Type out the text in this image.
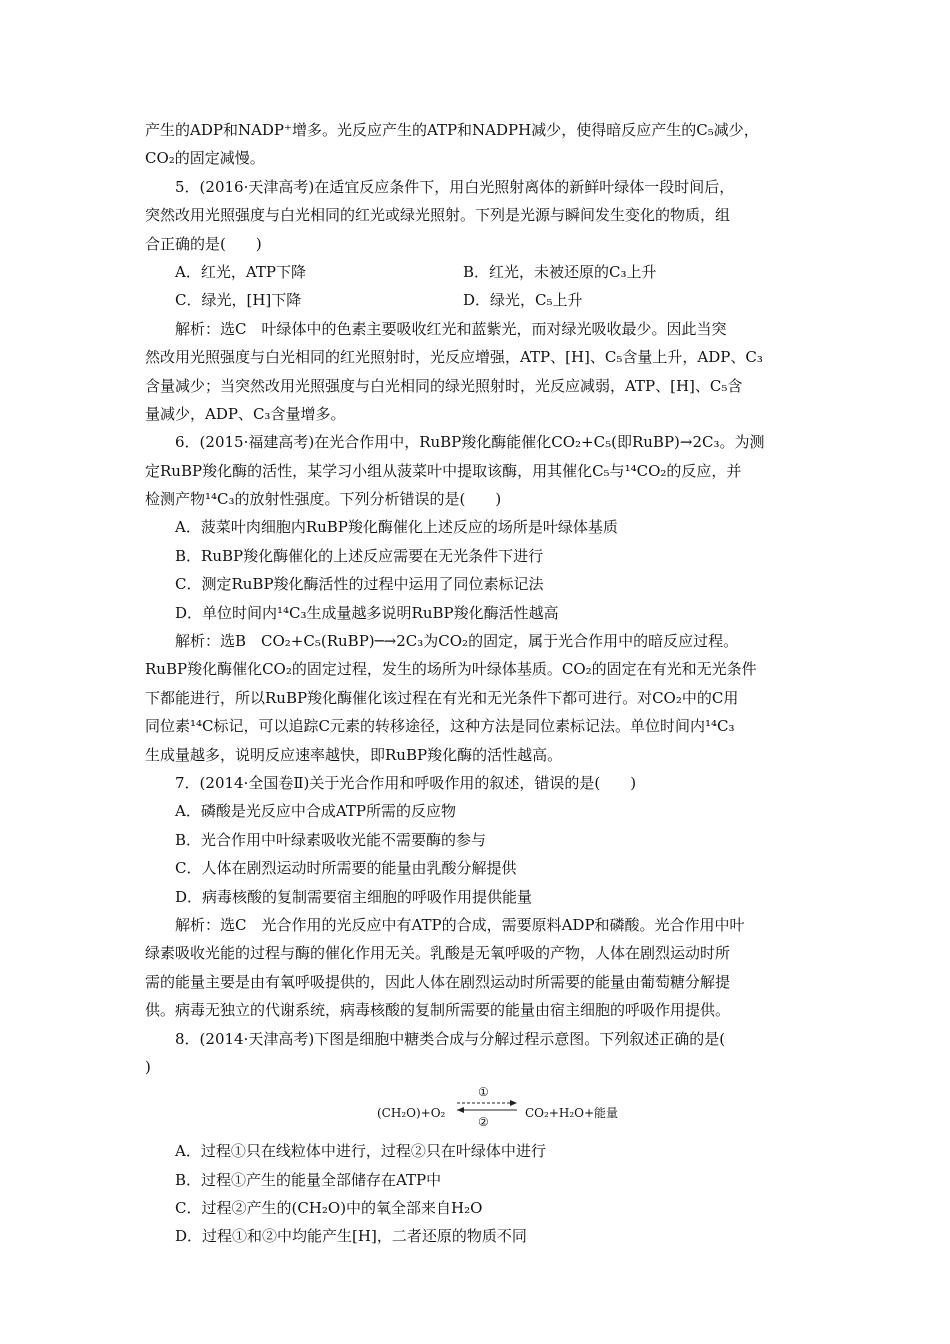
产生的ADP和NADP⁺增多。光反应产生的ATP和NADPH减少，使得暗反应产生的C₅减少，
CO₂的固定减慢。
5．(2016·天津高考)在适宜反应条件下，用白光照射离体的新鲜叶绿体一段时间后，
突然改用光照强度与白光相同的红光或绿光照射。下列是光源与瞬间发生变化的物质，组
合正确的是(　　)
A．红光，ATP下降	B．红光，未被还原的C₃上升
C．绿光，[H]下降	D．绿光，C₅上升
解析：选C　叶绿体中的色素主要吸收红光和蓝紫光，而对绿光吸收最少。因此当突
然改用光照强度与白光相同的红光照射时，光反应增强，ATP、[H]、C₅含量上升，ADP、C₃
含量减少；当突然改用光照强度与白光相同的绿光照射时，光反应减弱，ATP、[H]、C₅含
量减少，ADP、C₃含量增多。
6．(2015·福建高考)在光合作用中，RuBP羧化酶能催化CO₂+C₅(即RuBP)→2C₃。为测
定RuBP羧化酶的活性，某学习小组从菠菜叶中提取该酶，用其催化C₅与¹⁴CO₂的反应，并
检测产物¹⁴C₃的放射性强度。下列分析错误的是(　　)
A．菠菜叶肉细胞内RuBP羧化酶催化上述反应的场所是叶绿体基质
B．RuBP羧化酶催化的上述反应需要在无光条件下进行
C．测定RuBP羧化酶活性的过程中运用了同位素标记法
D．单位时间内¹⁴C₃生成量越多说明RuBP羧化酶活性越高
解析：选B　CO₂+C₅(RuBP)─→2C₃为CO₂的固定，属于光合作用中的暗反应过程。
RuBP羧化酶催化CO₂的固定过程，发生的场所为叶绿体基质。CO₂的固定在有光和无光条件
下都能进行，所以RuBP羧化酶催化该过程在有光和无光条件下都可进行。对CO₂中的C用
同位素¹⁴C标记，可以追踪C元素的转移途径，这种方法是同位素标记法。单位时间内¹⁴C₃
生成量越多，说明反应速率越快，即RuBP羧化酶的活性越高。
7．(2014·全国卷Ⅱ)关于光合作用和呼吸作用的叙述，错误的是(　　)
A．磷酸是光反应中合成ATP所需的反应物
B．光合作用中叶绿素吸收光能不需要酶的参与
C．人体在剧烈运动时所需要的能量由乳酸分解提供
D．病毒核酸的复制需要宿主细胞的呼吸作用提供能量
解析：选C　光合作用的光反应中有ATP的合成，需要原料ADP和磷酸。光合作用中叶
绿素吸收光能的过程与酶的催化作用无关。乳酸是无氧呼吸的产物，人体在剧烈运动时所
需的能量主要是由有氧呼吸提供的，因此人体在剧烈运动时所需要的能量由葡萄糖分解提
供。病毒无独立的代谢系统，病毒核酸的复制所需要的能量由宿主细胞的呼吸作用提供。
8．(2014·天津高考)下图是细胞中糖类合成与分解过程示意图。下列叙述正确的是(
)
(CH₂O)+O₂
①
②
CO₂+H₂O+能量
A．过程①只在线粒体中进行，过程②只在叶绿体中进行
B．过程①产生的能量全部储存在ATP中
C．过程②产生的(CH₂O)中的氧全部来自H₂O
D．过程①和②中均能产生[H]，二者还原的物质不同
